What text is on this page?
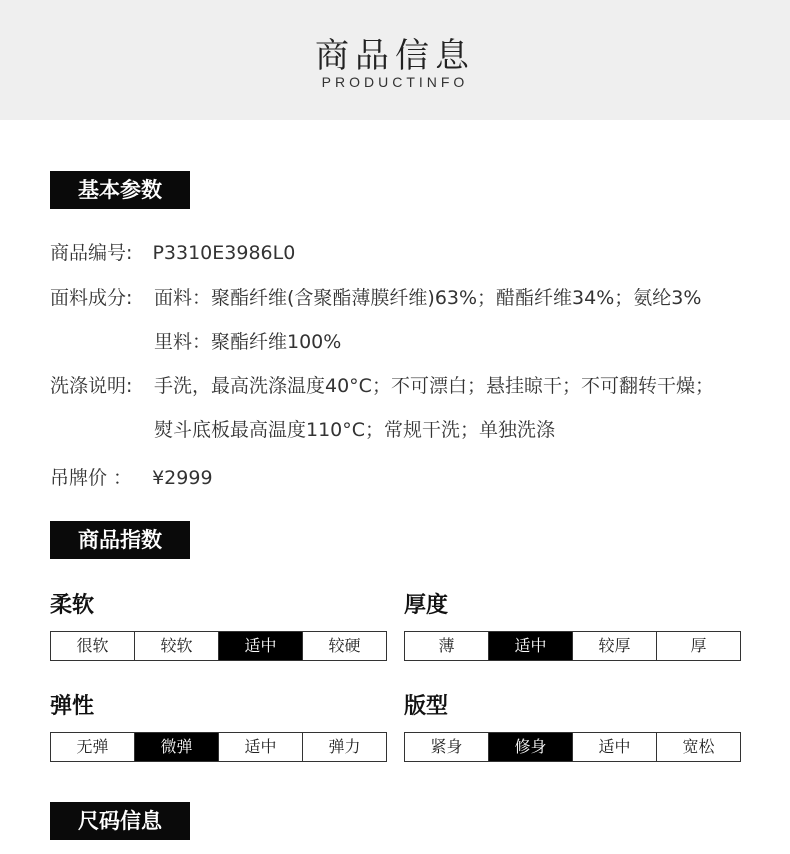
商品信息
PRODUCTINFO
基本参数
商品编号: P3310E3986L0
面料成分: 面料：聚酯纤维(含聚酯薄膜纤维)63%；醋酯纤维34%；氨纶3%
里料：聚酯纤维100%
洗涤说明: 手洗，最高洗涤温度40°C；不可漂白；悬挂晾干；不可翻转干燥；
熨斗底板最高温度110°C；常规干洗；单独洗涤
吊牌价 ： ¥2999
商品指数
柔软
很软	较软	适中	较硬
厚度
薄	适中	较厚	厚
弹性
无弹	微弹	适中	弹力
版型
紧身	修身	适中	宽松
尺码信息
